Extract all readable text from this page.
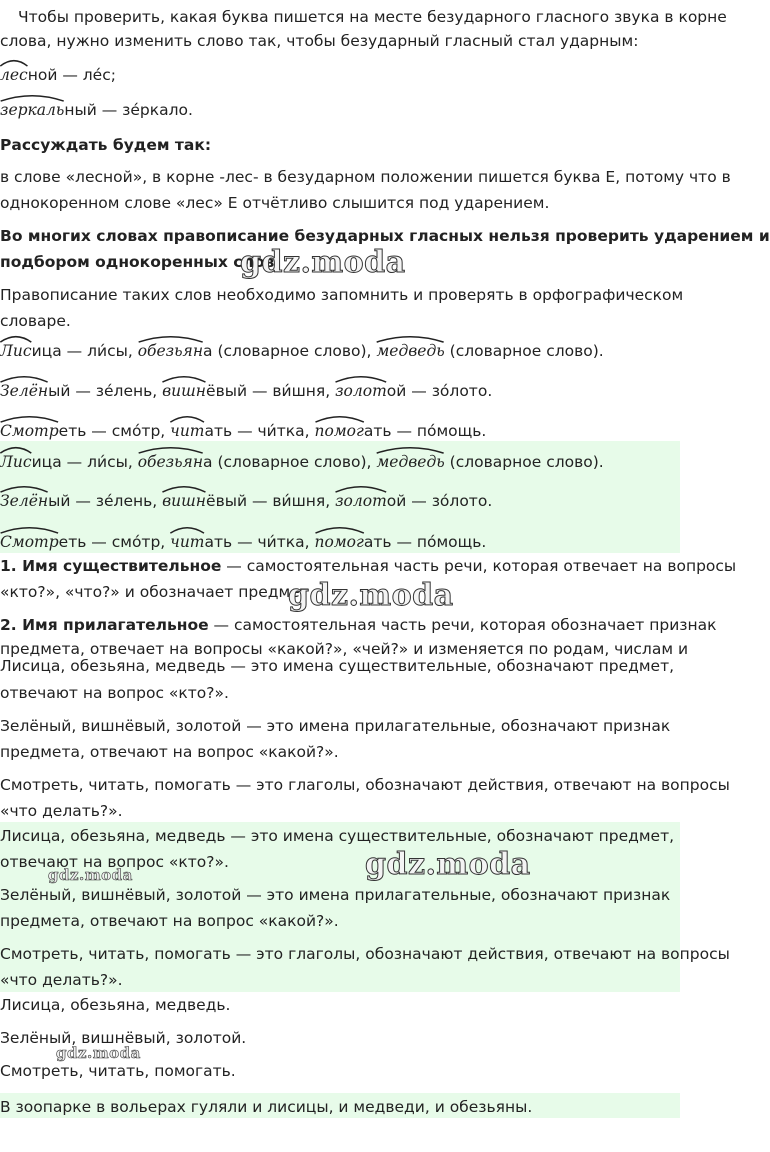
Чтобы проверить, какая буква пишется на месте безударного гласного звука в корне
слова, нужно изменить слово так, чтобы безударный гласный стал ударным:
лесной — ле́с;
зеркальный — зе́ркало.
Рассуждать будем так:
в слове «лесной», в корне -лес- в безударном положении пишется буква Е, потому что в
однокоренном слове «лес» Е отчётливо слышится под ударением.
Во многих словах правописание безударных гласных нельзя проверить ударением и
подбором однокоренных слов.
Правописание таких слов необходимо запомнить и проверять в орфографическом
словаре.
Лисица — ли́сы, обезьяна (словарное слово), медведь (словарное слово).
Зелёный — зе́лень, вишнёвый — ви́шня, золотой — зо́лото.
Смотреть — смо́тр, читать — чи́тка, помогать — по́мощь.
Лисица — ли́сы, обезьяна (словарное слово), медведь (словарное слово).
Зелёный — зе́лень, вишнёвый — ви́шня, золотой — зо́лото.
Смотреть — смо́тр, читать — чи́тка, помогать — по́мощь.
1. Имя существительное — самостоятельная часть речи, которая отвечает на вопросы
«кто?», «что?» и обозначает предмет.
2. Имя прилагательное — самостоятельная часть речи, которая обозначает признак
предмета, отвечает на вопросы «какой?», «чей?» и изменяется по родам, числам и
Лисица, обезьяна, медведь — это имена существительные, обозначают предмет,
отвечают на вопрос «кто?».
Зелёный, вишнёвый, золотой — это имена прилагательные, обозначают признак
предмета, отвечают на вопрос «какой?».
Смотреть, читать, помогать — это глаголы, обозначают действия, отвечают на вопросы
«что делать?».
Лисица, обезьяна, медведь — это имена существительные, обозначают предмет,
отвечают на вопрос «кто?».
Зелёный, вишнёвый, золотой — это имена прилагательные, обозначают признак
предмета, отвечают на вопрос «какой?».
Смотреть, читать, помогать — это глаголы, обозначают действия, отвечают на вопросы
«что делать?».
Лисица, обезьяна, медведь.
Зелёный, вишнёвый, золотой.
Смотреть, читать, помогать.
В зоопарке в вольерах гуляли и лисицы, и медведи, и обезьяны.
gdz.moda
gdz.moda
gdz.moda
gdz.moda
gdz.moda
